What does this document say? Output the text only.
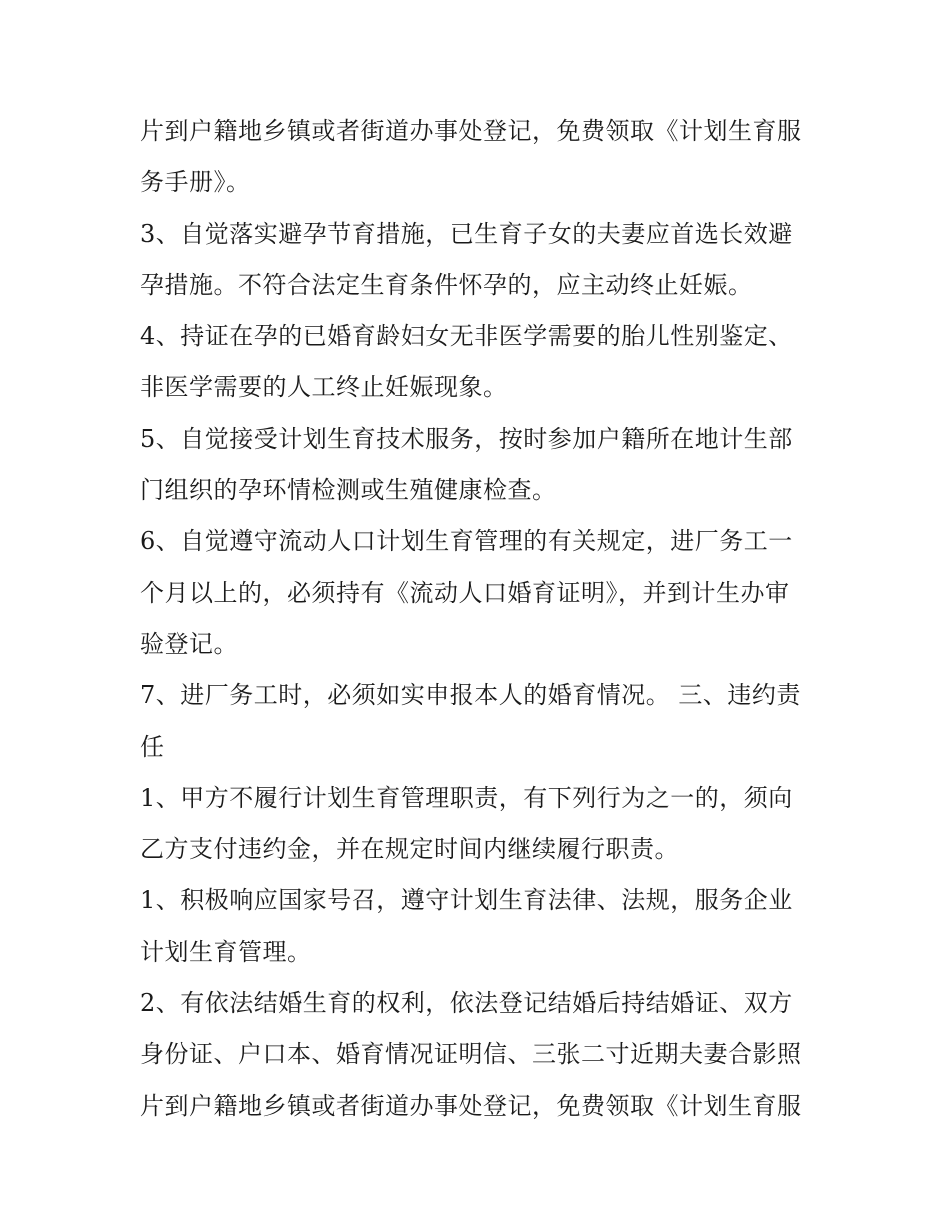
片到户籍地乡镇或者街道办事处登记，免费领取《计划生育服
务手册》。
3、自觉落实避孕节育措施，已生育子女的夫妻应首选长效避
孕措施。不符合法定生育条件怀孕的，应主动终止妊娠。
4、持证在孕的已婚育龄妇女无非医学需要的胎儿性别鉴定、
非医学需要的人工终止妊娠现象。
5、自觉接受计划生育技术服务，按时参加户籍所在地计生部
门组织的孕环情检测或生殖健康检查。
6、自觉遵守流动人口计划生育管理的有关规定，进厂务工一
个月以上的，必须持有《流动人口婚育证明》，并到计生办审
验登记。
7、进厂务工时，必须如实申报本人的婚育情况。 三、违约责
任
1、甲方不履行计划生育管理职责，有下列行为之一的，须向
乙方支付违约金，并在规定时间内继续履行职责。
1、积极响应国家号召，遵守计划生育法律、法规，服务企业
计划生育管理。
2、有依法结婚生育的权利，依法登记结婚后持结婚证、双方
身份证、户口本、婚育情况证明信、三张二寸近期夫妻合影照
片到户籍地乡镇或者街道办事处登记，免费领取《计划生育服
